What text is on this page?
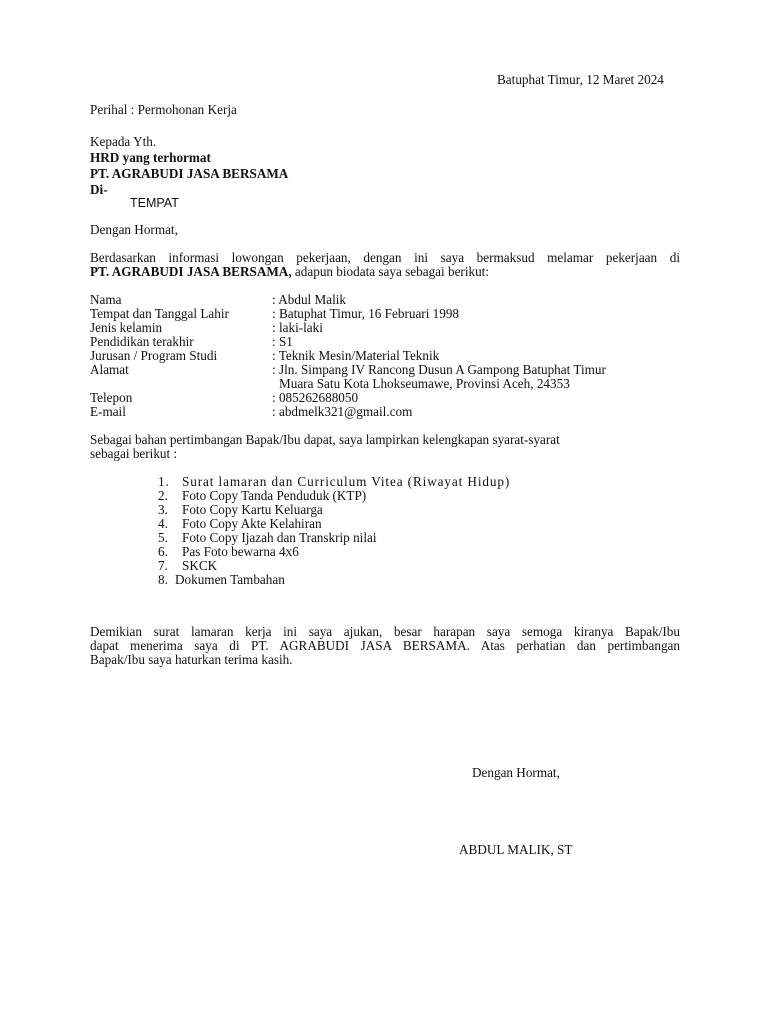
Batuphat Timur, 12 Maret 2024
Perihal : Permohonan Kerja
Kepada Yth.
HRD yang terhormat
PT. AGRABUDI JASA BERSAMA
Di-
TEMPAT
Dengan Hormat,
Berdasarkan informasi lowongan pekerjaan, dengan ini saya bermaksud melamar pekerjaan di
PT. AGRABUDI JASA BERSAMA, adapun biodata saya sebagai berikut:
Nama	: Abdul Malik
Tempat dan Tanggal Lahir	: Batuphat Timur, 16 Februari 1998
Jenis kelamin	: laki-laki
Pendidikan terakhir	: S1
Jurusan / Program Studi	: Teknik Mesin/Material Teknik
Alamat	: Jln. Simpang IV Rancong Dusun A Gampong Batuphat Timur
Muara Satu Kota Lhokseumawe, Provinsi Aceh, 24353
Telepon	: 085262688050
E-mail	: abdmelk321@gmail.com
Sebagai bahan pertimbangan Bapak/Ibu dapat, saya lampirkan kelengkapan syarat-syarat
sebagai berikut :
1. Surat lamaran dan Curriculum Vitea (Riwayat Hidup)
2. Foto Copy Tanda Penduduk (KTP)
3. Foto Copy Kartu Keluarga
4. Foto Copy Akte Kelahiran
5. Foto Copy Ijazah dan Transkrip nilai
6. Pas Foto bewarna 4x6
7. SKCK
8. Dokumen Tambahan
Demikian surat lamaran kerja ini saya ajukan, besar harapan saya semoga kiranya Bapak/Ibu
dapat menerima saya di PT. AGRABUDI JASA BERSAMA. Atas perhatian dan pertimbangan
Bapak/Ibu saya haturkan terima kasih.
Dengan Hormat,
ABDUL MALIK, ST
